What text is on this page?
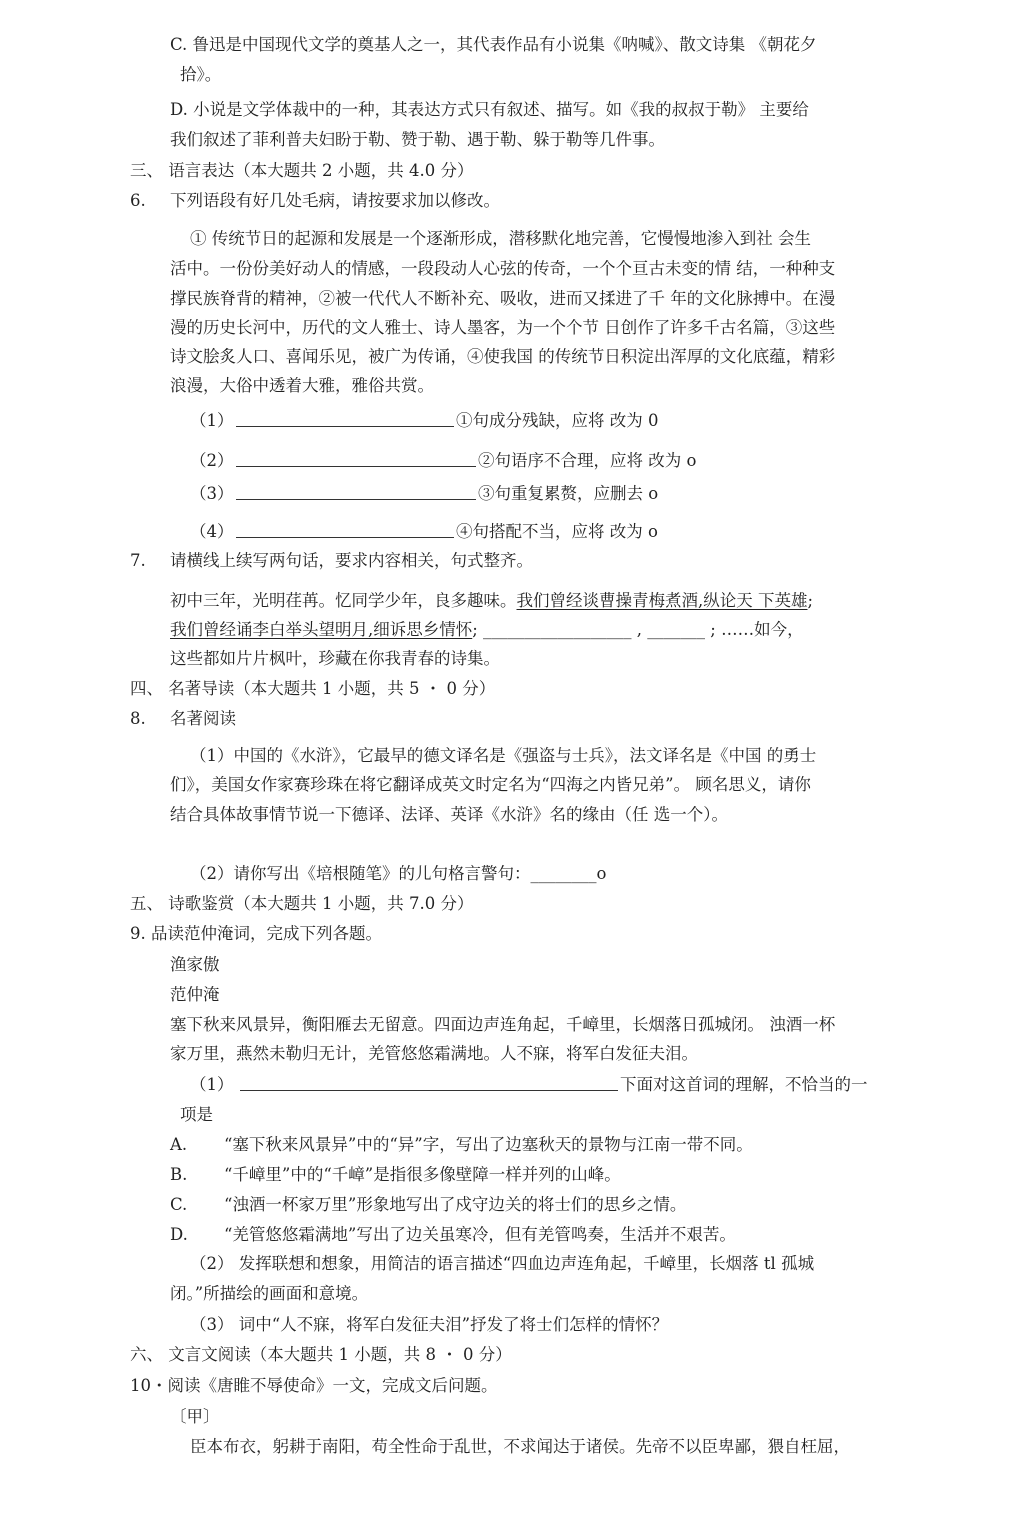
C. 鲁迅是中国现代文学的奠基人之一，其代表作品有小说集《呐喊》、散文诗集 《朝花夕
拾》。
D. 小说是文学体裁中的一种，其表达方式只有叙述、描写。如《我的叔叔于勒》 主要给
我们叙述了菲利普夫妇盼于勒、赞于勒、遇于勒、躲于勒等几件事。
三、 语言表达（本大题共 2 小题，共 4.0 分）
6. 下列语段有好几处毛病，请按要求加以修改。
① 传统节日的起源和发展是一个逐渐形成，潜移默化地完善，它慢慢地渗入到社 会生
活中。一份份美好动人的情感，一段段动人心弦的传奇，一个个亘古未变的情 结，一种种支
撑民族脊背的精神，②被一代代人不断补充、吸收，进而又揉进了千 年的文化脉搏中。在漫
漫的历史长河中，历代的文人雅士、诗人墨客，为一个个节 日创作了许多千古名篇，③这些
诗文脍炙人口、喜闻乐见，被广为传诵，④使我国 的传统节日积淀出浑厚的文化底蕴，精彩
浪漫，大俗中透着大雅，雅俗共赏。
（1）	①句成分残缺，应将 改为 0
（2）	②句语序不合理，应将 改为 o
（3）	③句重复累赘，应删去 o
（4）	④句搭配不当，应将 改为 o
7. 请横线上续写两句话，要求内容相关，句式整齐。
初中三年，光明荏苒。忆同学少年，良多趣味。我们曾经谈曹操青梅煮酒,纵论天 下英雄;
我们曾经诵李白举头望明月,细诉思乡情怀; __________________ , _______ ; ……如今，
这些都如片片枫叶，珍藏在你我青春的诗集。
四、 名著导读（本大题共 1 小题，共 5 ・ 0 分）
8. 名著阅读
（1）中国的《水浒》，它最早的德文译名是《强盗与士兵》，法文译名是《中国 的勇士
们》，美国女作家赛珍珠在将它翻译成英文时定名为“四海之内皆兄弟”。 顾名思义，请你
结合具体故事情节说一下德译、法译、英译《水浒》名的缘由（任 选一个）。
（2）请你写出《培根随笔》的儿句格言警句：________o
五、 诗歌鉴赏（本大题共 1 小题，共 7.0 分）
9. 品读范仲淹词，完成下列各题。
渔家傲
范仲淹
塞下秋来风景异，衡阳雁去无留意。四面边声连角起，千嶂里，长烟落日孤城闭。 浊酒一杯
家万里，燕然未勒归无计，羌管悠悠霜满地。人不寐，将军白发征夫泪。
（1）	下面对这首词的理解，不恰当的一
项是
A. “塞下秋来风景异”中的“异”字，写出了边塞秋天的景物与江南一带不同。
B. “千嶂里”中的“千嶂”是指很多像壁障一样并列的山峰。
C. “浊酒一杯家万里”形象地写出了戍守边关的将士们的思乡之情。
D. “羌管悠悠霜满地”写出了边关虽寒冷，但有羌管鸣奏，生活并不艰苦。
（2） 发挥联想和想象，用简洁的语言描述“四血边声连角起，千嶂里，长烟落 tl 孤城
闭。”所描绘的画面和意境。
（3） 词中“人不寐，将军白发征夫泪”抒发了将士们怎样的情怀？
六、 文言文阅读（本大题共 1 小题，共 8 ・ 0 分）
10・阅读《唐睢不辱使命》一文，完成文后问题。
〔甲〕
臣本布衣，躬耕于南阳，苟全性命于乱世，不求闻达于诸侯。先帝不以臣卑鄙，猥自枉屈，
